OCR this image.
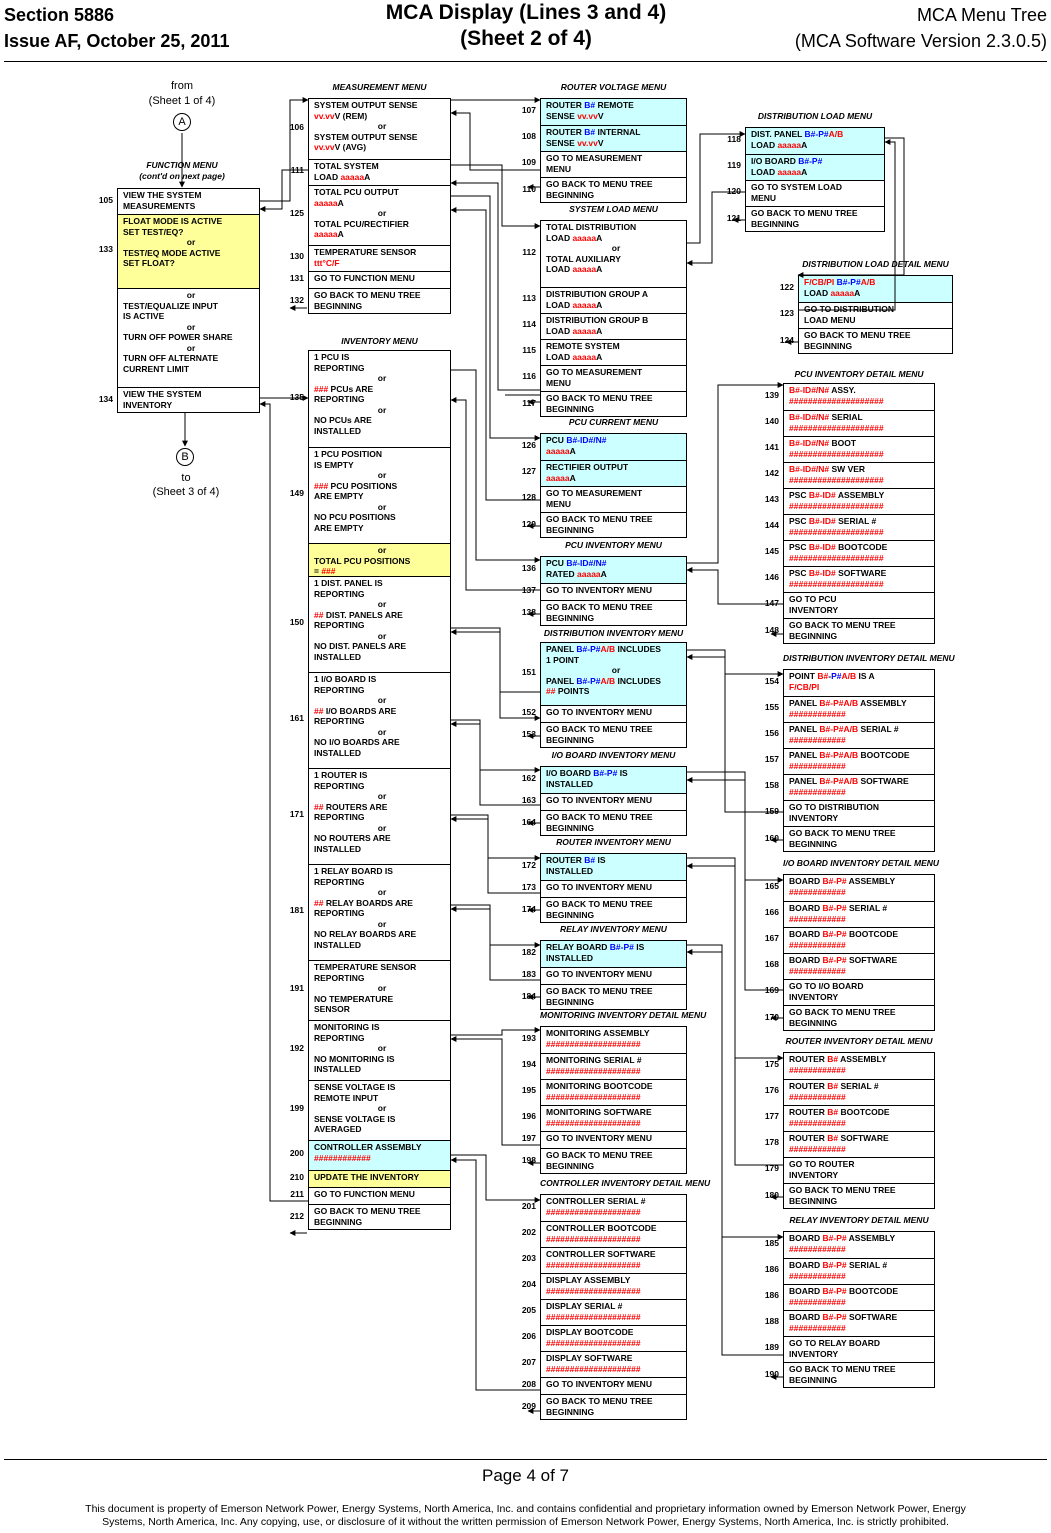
Section 5886
Issue AF, October 25, 2011
MCA Display (Lines 3 and 4)
(Sheet 2 of 4)
MCA Menu Tree
(MCA Software Version 2.3.0.5)
from
(Sheet 1 of 4)
A
FUNCTION MENU
(cont'd on next page)
B
to
(Sheet 3 of 4)
105
133
134
VIEW THE SYSTEM
MEASUREMENTS
FLOAT MODE IS ACTIVE
SET TEST/EQ?
or
TEST/EQ MODE ACTIVE
SET FLOAT?
or
TEST/EQUALIZE INPUT
IS ACTIVE
or
TURN OFF POWER SHARE
or
TURN OFF ALTERNATE
CURRENT LIMIT
VIEW THE SYSTEM
INVENTORY
MEASUREMENT MENU
106
111
125
130
131
132
SYSTEM OUTPUT SENSE
vv.vvV (REM)
or
SYSTEM OUTPUT SENSE
vv.vvV (AVG)
TOTAL SYSTEM
LOAD aaaaaA
TOTAL PCU OUTPUT
aaaaaA
or
TOTAL PCU/RECTIFIER
aaaaaA
TEMPERATURE SENSOR
ttt°C/F
GO TO FUNCTION MENU
GO BACK TO MENU TREE
BEGINNING
INVENTORY MENU
135
149
150
161
171
181
191
192
199
200
210
211
212
1 PCU IS
REPORTING
or
### PCUs ARE
REPORTING
or
NO PCUs ARE
INSTALLED
1 PCU POSITION
IS EMPTY
or
### PCU POSITIONS
ARE EMPTY
or
NO PCU POSITIONS
ARE EMPTY
or
TOTAL PCU POSITIONS
= ###
1 DIST. PANEL IS
REPORTING
or
## DIST. PANELS ARE
REPORTING
or
NO DIST. PANELS ARE
INSTALLED
1 I/O BOARD IS
REPORTING
or
## I/O BOARDS ARE
REPORTING
or
NO I/O BOARDS ARE
INSTALLED
1 ROUTER IS
REPORTING
or
## ROUTERS ARE
REPORTING
or
NO ROUTERS ARE
INSTALLED
1 RELAY BOARD IS
REPORTING
or
## RELAY BOARDS ARE
REPORTING
or
NO RELAY BOARDS ARE
INSTALLED
TEMPERATURE SENSOR
REPORTING
or
NO TEMPERATURE
SENSOR
MONITORING IS
REPORTING
or
NO MONITORING IS
INSTALLED
SENSE VOLTAGE IS
REMOTE INPUT
or
SENSE VOLTAGE IS
AVERAGED
CONTROLLER ASSEMBLY
############
UPDATE THE INVENTORY
GO TO FUNCTION MENU
GO BACK TO MENU TREE
BEGINNING
ROUTER VOLTAGE MENU
107
108
109
110
ROUTER B# REMOTE
SENSE vv.vvV
ROUTER B# INTERNAL
SENSE vv.vvV
GO TO MEASUREMENT
MENU
GO BACK TO MENU TREE
BEGINNING
SYSTEM LOAD MENU
112
113
114
115
116
117
TOTAL DISTRIBUTION
LOAD aaaaaA
or
TOTAL AUXILIARY
LOAD aaaaaA
DISTRIBUTION GROUP A
LOAD aaaaaA
DISTRIBUTION GROUP B
LOAD aaaaaA
REMOTE SYSTEM
LOAD aaaaaA
GO TO MEASUREMENT
MENU
GO BACK TO MENU TREE
BEGINNING
PCU CURRENT MENU
126
127
128
129
PCU B#-ID#/N#
aaaaaA
RECTIFIER OUTPUT
aaaaaA
GO TO MEASUREMENT
MENU
GO BACK TO MENU TREE
BEGINNING
PCU INVENTORY MENU
136
137
138
PCU B#-ID#/N#
RATED aaaaaA
GO TO INVENTORY MENU
GO BACK TO MENU TREE
BEGINNING
DISTRIBUTION INVENTORY MENU
151
152
153
PANEL B#-P#A/B INCLUDES
1 POINT
or
PANEL B#-P#A/B INCLUDES
## POINTS
GO TO INVENTORY MENU
GO BACK TO MENU TREE
BEGINNING
I/O BOARD INVENTORY MENU
162
163
164
I/O BOARD B#-P# IS
INSTALLED
GO TO INVENTORY MENU
GO BACK TO MENU TREE
BEGINNING
ROUTER INVENTORY MENU
172
173
174
ROUTER B# IS
INSTALLED
GO TO INVENTORY MENU
GO BACK TO MENU TREE
BEGINNING
RELAY INVENTORY MENU
182
183
184
RELAY BOARD B#-P# IS
INSTALLED
GO TO INVENTORY MENU
GO BACK TO MENU TREE
BEGINNING
MONITORING INVENTORY DETAIL MENU
193
194
195
196
197
198
MONITORING ASSEMBLY
####################
MONITORING SERIAL #
####################
MONITORING BOOTCODE
####################
MONITORING SOFTWARE
####################
GO TO INVENTORY MENU
GO BACK TO MENU TREE
BEGINNING
CONTROLLER INVENTORY DETAIL MENU
201
202
203
204
205
206
207
208
209
CONTROLLER SERIAL #
####################
CONTROLLER BOOTCODE
####################
CONTROLLER SOFTWARE
####################
DISPLAY ASSEMBLY
####################
DISPLAY SERIAL #
####################
DISPLAY BOOTCODE
####################
DISPLAY SOFTWARE
####################
GO TO INVENTORY MENU
GO BACK TO MENU TREE
BEGINNING
DISTRIBUTION LOAD MENU
118
119
120
121
DIST. PANEL B#-P#A/B
LOAD aaaaaA
I/O BOARD B#-P#
LOAD aaaaaA
GO TO SYSTEM LOAD
MENU
GO BACK TO MENU TREE
BEGINNING
DISTRIBUTION LOAD DETAIL MENU
122
123
124
F/CB/PI B#-P#A/B
LOAD aaaaaA
GO TO DISTRIBUTION
LOAD MENU
GO BACK TO MENU TREE
BEGINNING
PCU INVENTORY DETAIL MENU
139
140
141
142
143
144
145
146
147
148
B#-ID#/N# ASSY.
####################
B#-ID#/N# SERIAL
####################
B#-ID#/N# BOOT
####################
B#-ID#/N# SW VER
####################
PSC B#-ID# ASSEMBLY
####################
PSC B#-ID# SERIAL #
####################
PSC B#-ID# BOOTCODE
####################
PSC B#-ID# SOFTWARE
####################
GO TO PCU
INVENTORY
GO BACK TO MENU TREE
BEGINNING
DISTRIBUTION INVENTORY DETAIL MENU
154
155
156
157
158
159
160
POINT B#-P#A/B IS A
F/CB/PI
PANEL B#-P#A/B ASSEMBLY
############
PANEL B#-P#A/B SERIAL #
############
PANEL B#-P#A/B BOOTCODE
############
PANEL B#-P#A/B SOFTWARE
############
GO TO DISTRIBUTION
INVENTORY
GO BACK TO MENU TREE
BEGINNING
I/O BOARD INVENTORY DETAIL MENU
165
166
167
168
169
170
BOARD B#-P# ASSEMBLY
############
BOARD B#-P# SERIAL #
############
BOARD B#-P# BOOTCODE
############
BOARD B#-P# SOFTWARE
############
GO TO I/O BOARD
INVENTORY
GO BACK TO MENU TREE
BEGINNING
ROUTER INVENTORY DETAIL MENU
175
176
177
178
179
180
ROUTER B# ASSEMBLY
############
ROUTER B# SERIAL #
############
ROUTER B# BOOTCODE
############
ROUTER B# SOFTWARE
############
GO TO ROUTER
INVENTORY
GO BACK TO MENU TREE
BEGINNING
RELAY INVENTORY DETAIL MENU
185
186
186
188
189
190
BOARD B#-P# ASSEMBLY
############
BOARD B#-P# SERIAL #
############
BOARD B#-P# BOOTCODE
############
BOARD B#-P# SOFTWARE
############
GO TO RELAY BOARD
INVENTORY
GO BACK TO MENU TREE
BEGINNING
Page 4 of 7
This document is property of Emerson Network Power, Energy Systems, North America, Inc. and contains confidential and proprietary information owned by Emerson Network Power, Energy
Systems, North America, Inc. Any copying, use, or disclosure of it without the written permission of Emerson Network Power, Energy Systems, North America, Inc. is strictly prohibited.
